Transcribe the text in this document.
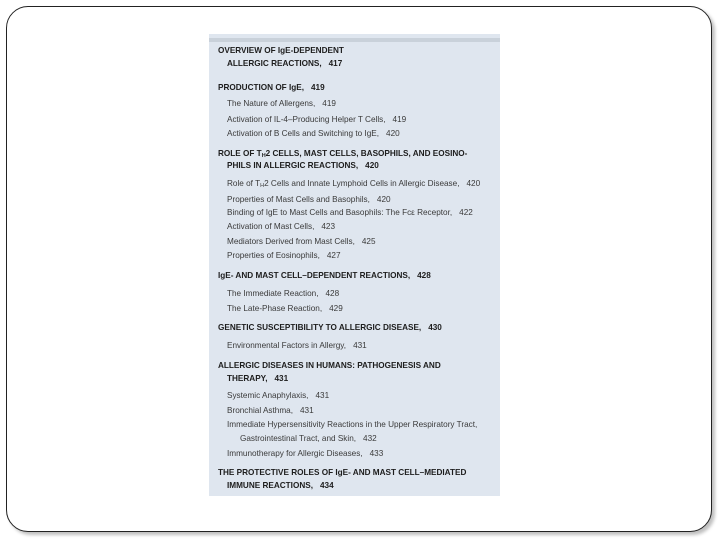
OVERVIEW OF IgE-DEPENDENT
ALLERGIC REACTIONS, 417
PRODUCTION OF IgE, 419
The Nature of Allergens, 419
Activation of IL-4–Producing Helper T Cells, 419
Activation of B Cells and Switching to IgE, 420
ROLE OF TH2 CELLS, MAST CELLS, BASOPHILS, AND EOSINO-
PHILS IN ALLERGIC REACTIONS, 420
Role of TH2 Cells and Innate Lymphoid Cells in Allergic Disease, 420
Properties of Mast Cells and Basophils, 420
Binding of IgE to Mast Cells and Basophils: The Fcε Receptor, 422
Activation of Mast Cells, 423
Mediators Derived from Mast Cells, 425
Properties of Eosinophils, 427
IgE- AND MAST CELL–DEPENDENT REACTIONS, 428
The Immediate Reaction, 428
The Late-Phase Reaction, 429
GENETIC SUSCEPTIBILITY TO ALLERGIC DISEASE, 430
Environmental Factors in Allergy, 431
ALLERGIC DISEASES IN HUMANS: PATHOGENESIS AND
THERAPY, 431
Systemic Anaphylaxis, 431
Bronchial Asthma, 431
Immediate Hypersensitivity Reactions in the Upper Respiratory Tract,
Gastrointestinal Tract, and Skin, 432
Immunotherapy for Allergic Diseases, 433
THE PROTECTIVE ROLES OF IgE- AND MAST CELL–MEDIATED
IMMUNE REACTIONS, 434
